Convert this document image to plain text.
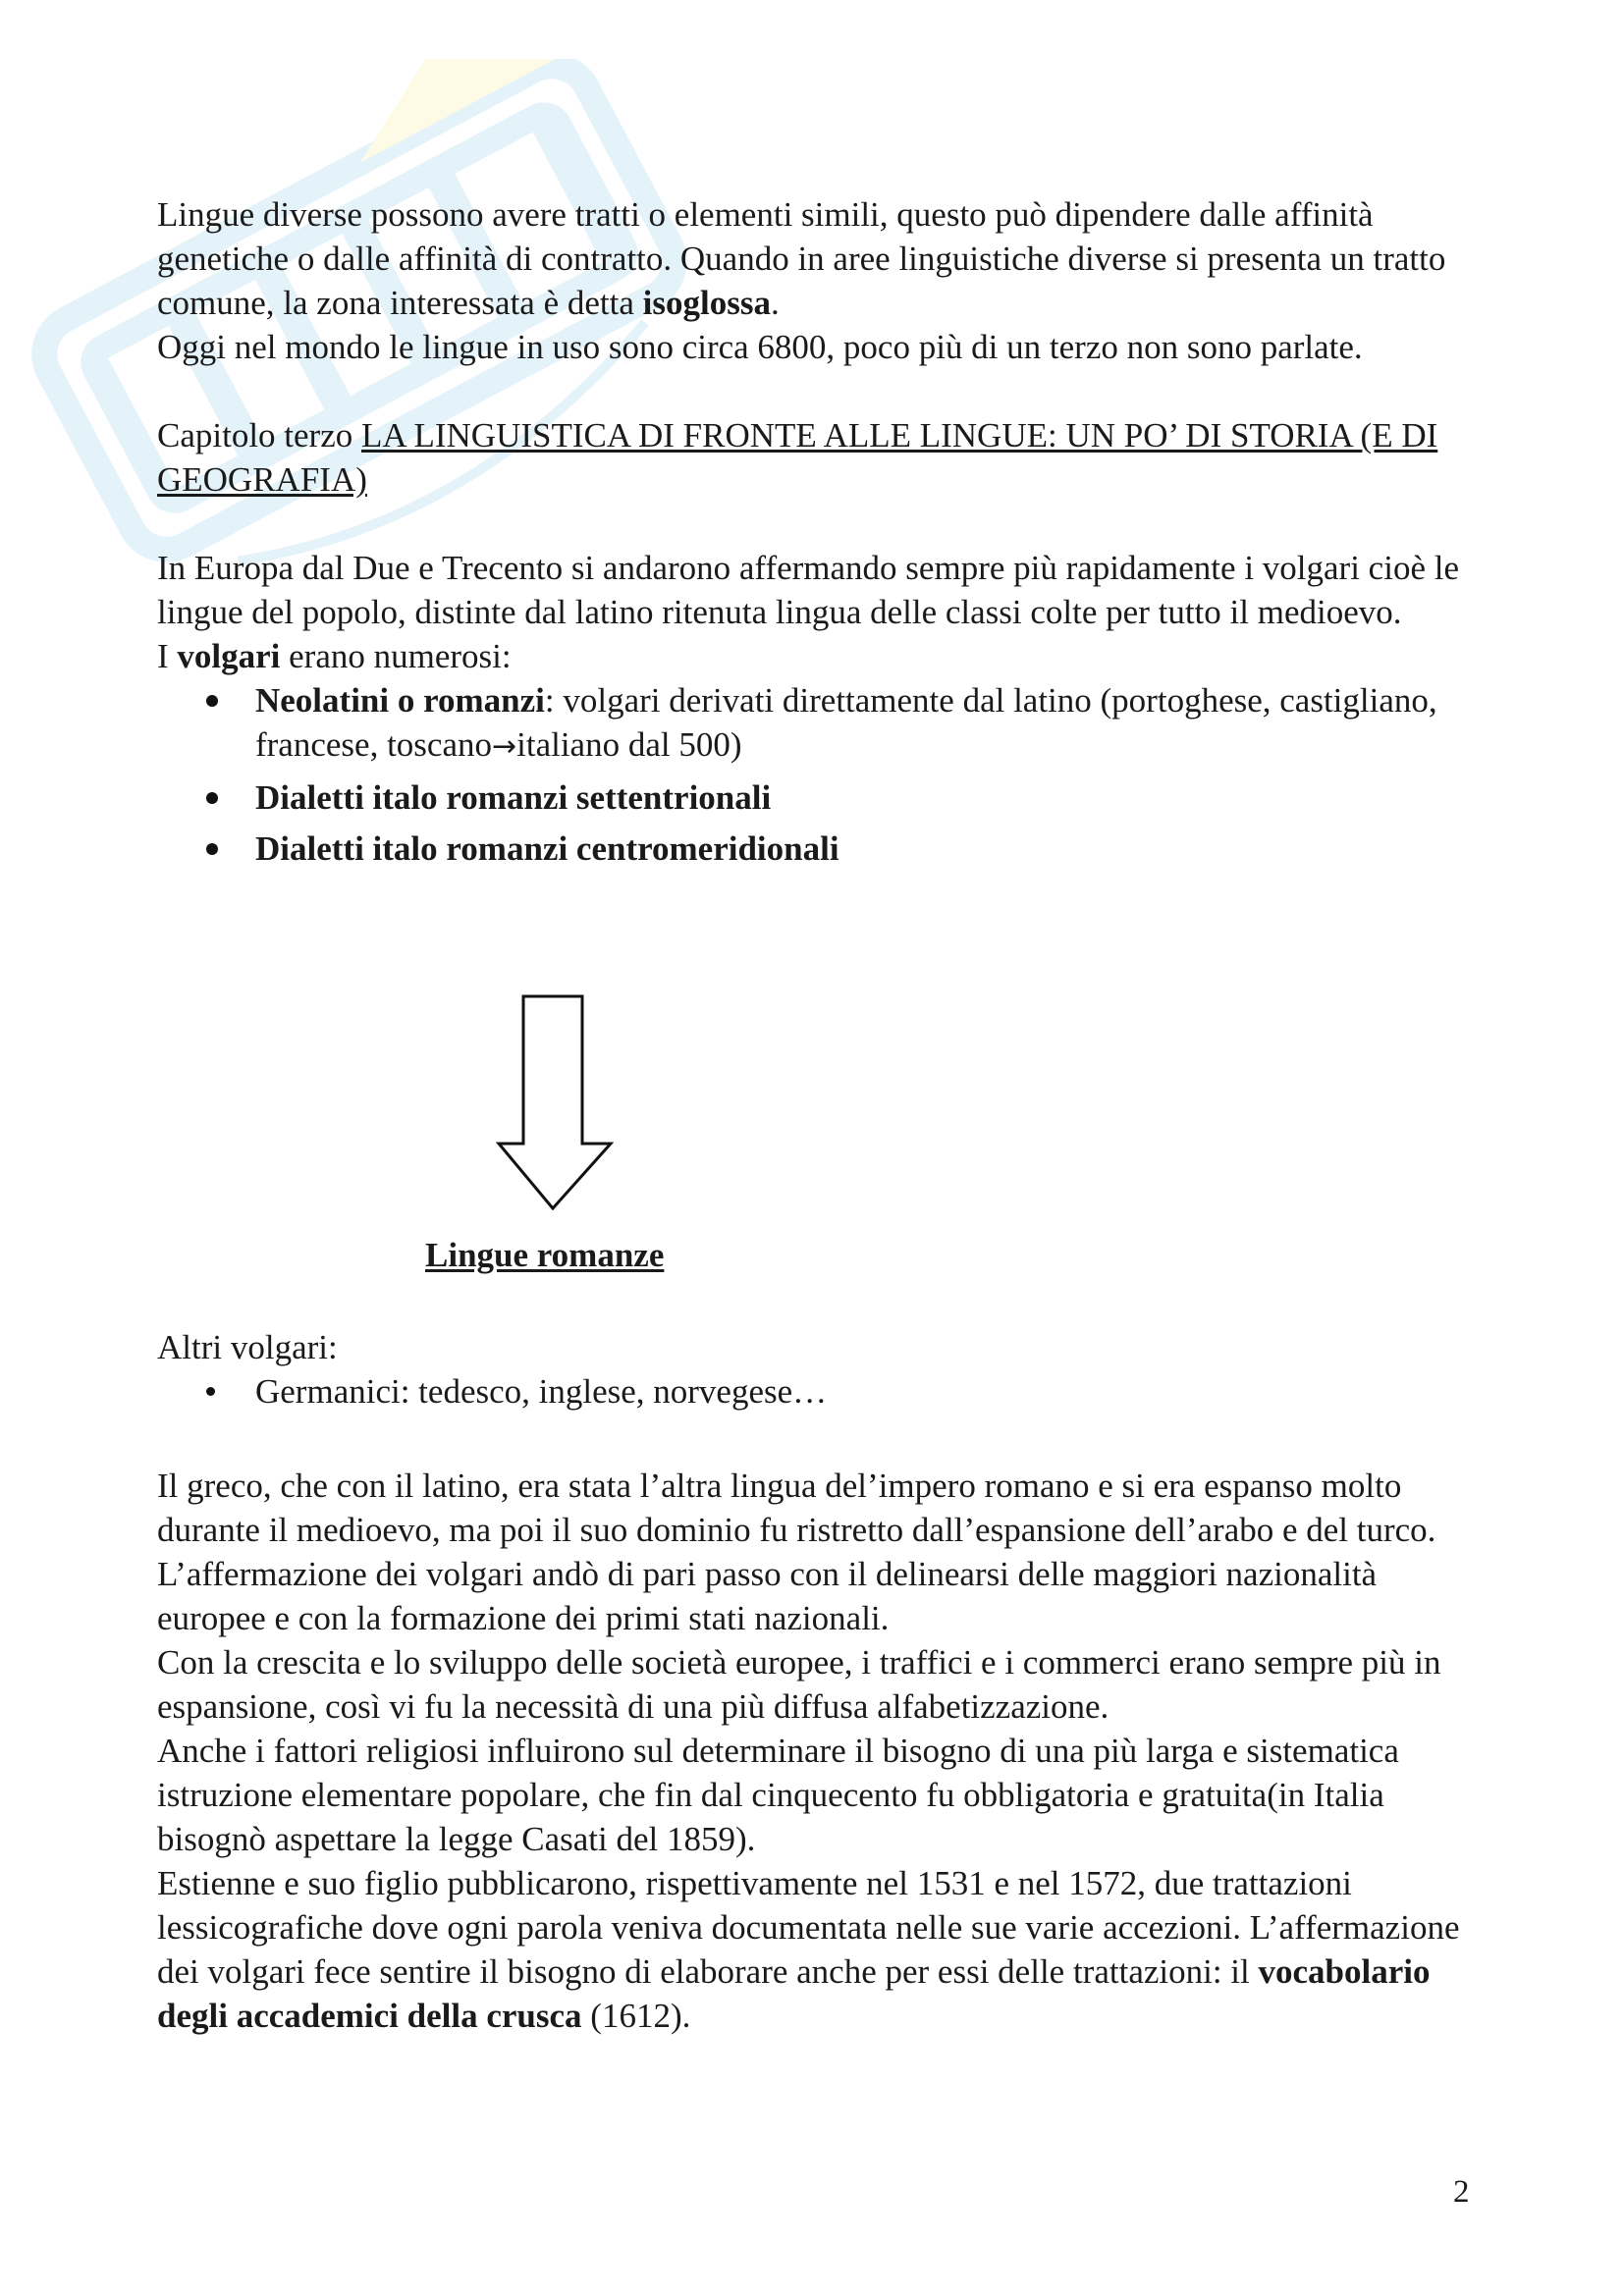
Lingue diverse possono avere tratti o elementi simili, questo può dipendere dalle affinità genetiche o dalle affinità di contratto. Quando in aree linguistiche diverse si presenta un tratto comune, la zona interessata è detta isoglossa.

Oggi nel mondo le lingue in uso sono circa 6800, poco più di un terzo non sono parlate.

Capitolo terzo LA LINGUISTICA DI FRONTE ALLE LINGUE: UN PO’ DI STORIA (E DI GEOGRAFIA)

In Europa dal Due e Trecento si andarono affermando sempre più rapidamente i volgari cioè le lingue del popolo, distinte dal latino ritenuta lingua delle classi colte per tutto il medioevo.

I volgari erano numerosi:

Neolatini o romanzi: volgari derivati direttamente dal latino (portoghese, castigliano, francese, toscano→italiano dal 500)
Dialetti italo romanzi settentrionali
Dialetti italo romanzi centromeridionali
Lingue romanze

Altri volgari:

Germanici: tedesco, inglese, norvegese…

Il greco, che con il latino, era stata l’altra lingua del’impero romano e si era espanso molto durante il medioevo, ma poi il suo dominio fu ristretto dall’espansione dell’arabo e del turco.

L’affermazione dei volgari andò di pari passo con il delinearsi delle maggiori nazionalità europee e con la formazione dei primi stati nazionali.

Con la crescita e lo sviluppo delle società europee, i traffici e i commerci erano sempre più in espansione, così vi fu la necessità di una più diffusa alfabetizzazione.

Anche i fattori religiosi influirono sul determinare il bisogno di una più larga e sistematica istruzione elementare popolare, che fin dal cinquecento fu obbligatoria e gratuita(in Italia bisognò aspettare la legge Casati del 1859).

Estienne e suo figlio pubblicarono, rispettivamente nel 1531 e nel 1572, due trattazioni lessicografiche dove ogni parola veniva documentata nelle sue varie accezioni. L’affermazione dei volgari fece sentire il bisogno di elaborare anche per essi delle trattazioni: il vocabolario degli accademici della crusca (1612).

2
